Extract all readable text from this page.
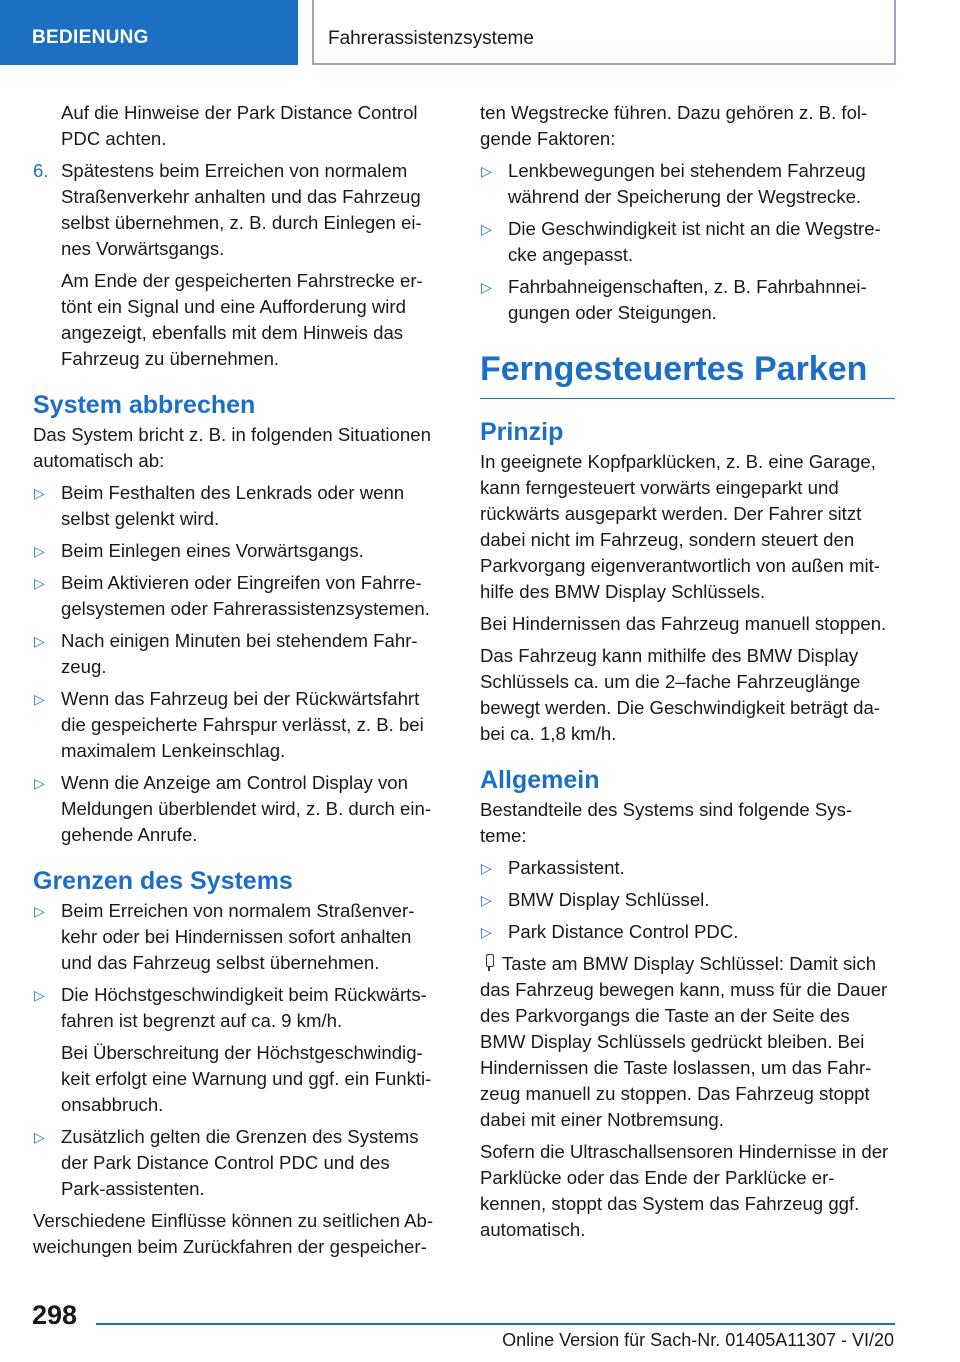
BEDIENUNG	Fahrerassistenzsysteme

Auf die Hinweise der Park Distance Control PDC achten.

6. Spätestens beim Erreichen von normalem Straßenverkehr anhalten und das Fahrzeug selbst übernehmen, z. B. durch Einlegen ei-nes Vorwärtsgangs.

Am Ende der gespeicherten Fahrstrecke er-tönt ein Signal und eine Aufforderung wird angezeigt, ebenfalls mit dem Hinweis das Fahrzeug zu übernehmen.

System abbrechen

Das System bricht z. B. in folgenden Situationen automatisch ab:

▷
Beim Festhalten des Lenkrads oder wenn selbst gelenkt wird.
▷
Beim Einlegen eines Vorwärtsgangs.
▷
Beim Aktivieren oder Eingreifen von Fahrre-gelsystemen oder Fahrerassistenzsystemen.
▷
Nach einigen Minuten bei stehendem Fahr-zeug.
▷
Wenn das Fahrzeug bei der Rückwärtsfahrt die gespeicherte Fahrspur verlässt, z. B. bei maximalem Lenkeinschlag.
▷
Wenn die Anzeige am Control Display von Meldungen überblendet wird, z. B. durch ein-gehende Anrufe.
Grenzen des Systems
▷
Beim Erreichen von normalem Straßenver-kehr oder bei Hindernissen sofort anhalten und das Fahrzeug selbst übernehmen.
▷
Die Höchstgeschwindigkeit beim Rückwärts-fahren ist begrenzt auf ca. 9 km/h.
Bei Überschreitung der Höchstgeschwindig-keit erfolgt eine Warnung und ggf. ein Funkti-onsabbruch.
▷
Zusätzlich gelten die Grenzen des Systems der Park Distance Control PDC und des Park-assistenten.

Verschiedene Einflüsse können zu seitlichen Ab-weichungen beim Zurückfahren der gespeicher-

ten Wegstrecke führen. Dazu gehören z. B. fol-gende Faktoren:

▷
Lenkbewegungen bei stehendem Fahrzeug während der Speicherung der Wegstrecke.
▷
Die Geschwindigkeit ist nicht an die Wegstre-cke angepasst.
▷
Fahrbahneigenschaften, z. B. Fahrbahnnei-gungen oder Steigungen.
Ferngesteuertes Parken
Prinzip

In geeignete Kopfparklücken, z. B. eine Garage, kann ferngesteuert vorwärts eingeparkt und rückwärts ausgeparkt werden. Der Fahrer sitzt dabei nicht im Fahrzeug, sondern steuert den Parkvorgang eigenverantwortlich von außen mit-hilfe des BMW Display Schlüssels.

Bei Hindernissen das Fahrzeug manuell stoppen.

Das Fahrzeug kann mithilfe des BMW Display Schlüssels ca. um die 2–fache Fahrzeuglänge bewegt werden. Die Geschwindigkeit beträgt da-bei ca. 1,8 km/h.

Allgemein

Bestandteile des Systems sind folgende Sys-teme:

▷
Parkassistent.
▷
BMW Display Schlüssel.
▷
Park Distance Control PDC.

Taste am BMW Display Schlüssel: Damit sich das Fahrzeug bewegen kann, muss für die Dauer des Parkvorgangs die Taste an der Seite des BMW Display Schlüssels gedrückt bleiben. Bei Hindernissen die Taste loslassen, um das Fahr-zeug manuell zu stoppen. Das Fahrzeug stoppt dabei mit einer Notbremsung.

Sofern die Ultraschallsensoren Hindernisse in der Parklücke oder das Ende der Parklücke er-kennen, stoppt das System das Fahrzeug ggf. automatisch.

298
Online Version für Sach-Nr. 01405A11307 - VI/20
